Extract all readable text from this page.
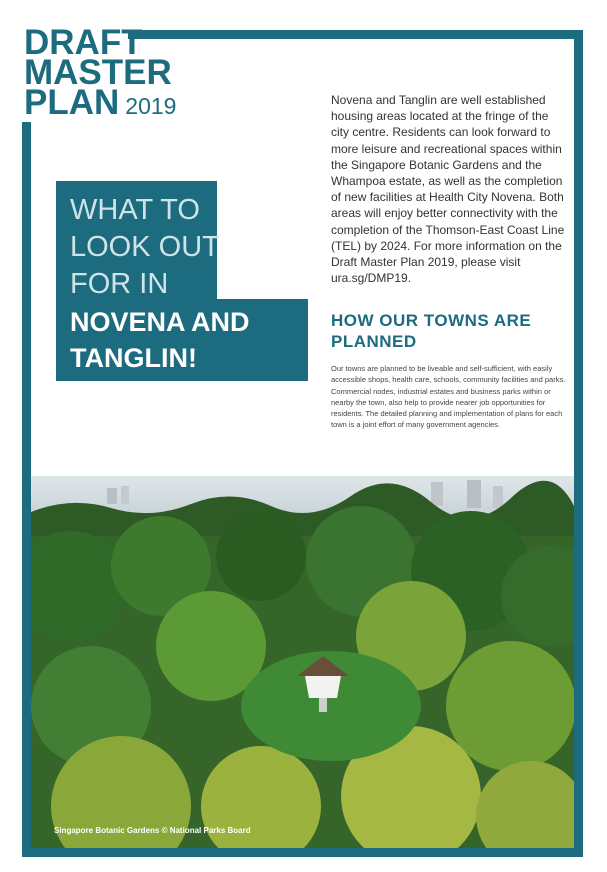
DRAFT
MASTER
PLAN 2019
WHAT TO LOOK OUT FOR IN
NOVENA AND TANGLIN!
Novena and Tanglin are well established housing areas located at the fringe of the city centre. Residents can look forward to more leisure and recreational spaces within the Singapore Botanic Gardens and the Whampoa estate, as well as the completion of new facilities at Health City Novena. Both areas will enjoy better connectivity with the completion of the Thomson-East Coast Line (TEL) by 2024. For more information on the Draft Master Plan 2019, please visit ura.sg/DMP19.
HOW OUR TOWNS ARE PLANNED
Our towns are planned to be liveable and self-sufficient, with easily accessible shops, health care, schools, community facilities and parks. Commercial nodes, industrial estates and business parks within or nearby the town, also help to provide nearer job opportunities for residents. The detailed planning and implementation of plans for each town is a joint effort of many government agencies.
Singapore Botanic Gardens © National Parks Board
